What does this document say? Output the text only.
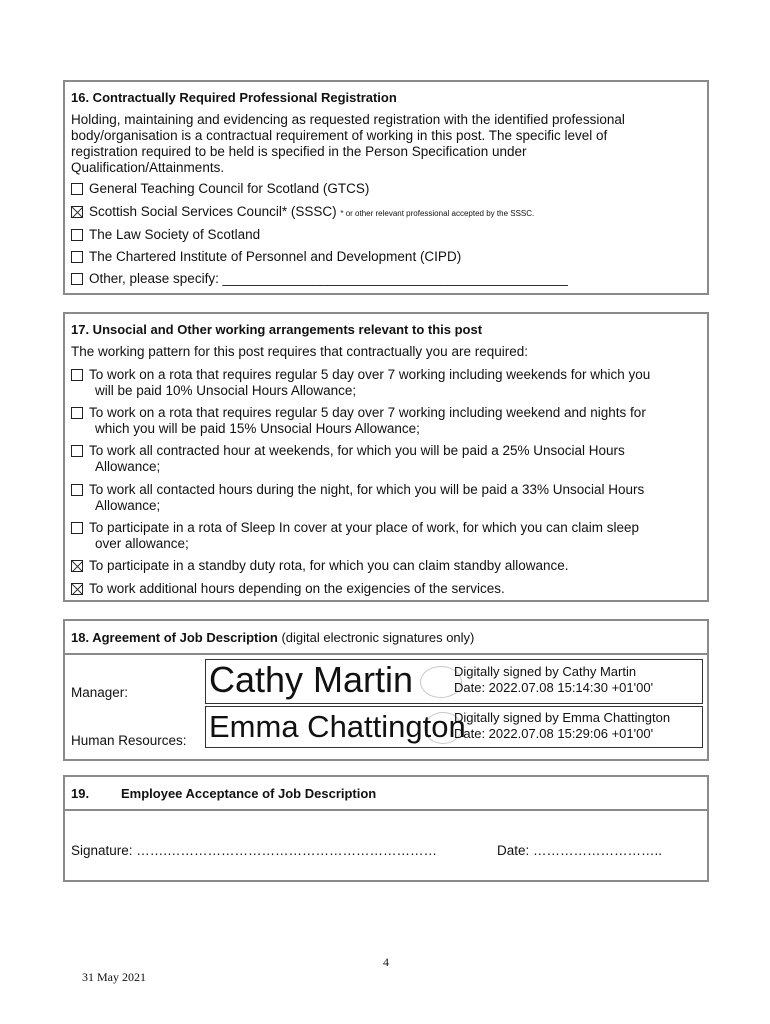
16. Contractually Required Professional Registration
Holding, maintaining and evidencing as requested registration with the identified professional body/organisation is a contractual requirement of working in this post. The specific level of registration required to be held is specified in the Person Specification under Qualification/Attainments.
General Teaching Council for Scotland (GTCS)
Scottish Social Services Council* (SSSC) * or other relevant professional accepted by the SSSC.
The Law Society of Scotland
The Chartered Institute of Personnel and Development (CIPD)
Other, please specify: ______________________________________________
17. Unsocial and Other working arrangements relevant to this post
The working pattern for this post requires that contractually you are required:
To work on a rota that requires regular 5 day over 7 working including weekends for which you
will be paid 10% Unsocial Hours Allowance;
To work on a rota that requires regular 5 day over 7 working including weekend and nights for
which you will be paid 15% Unsocial Hours Allowance;
To work all contracted hour at weekends, for which you will be paid a 25% Unsocial Hours
Allowance;
To work all contacted hours during the night, for which you will be paid a 33% Unsocial Hours
Allowance;
To participate in a rota of Sleep In cover at your place of work, for which you can claim sleep
over allowance;
To participate in a standby duty rota, for which you can claim standby allowance.
To work additional hours depending on the exigencies of the services.
18. Agreement of Job Description (digital electronic signatures only)
Manager:
Human Resources:
Cathy Martin	Digitally signed by Cathy Martin
Date: 2022.07.08 15:14:30 +01'00'
Emma Chattington
Digitally signed by Emma Chattington
Date: 2022.07.08 15:29:06 +01'00'
19. Employee Acceptance of Job Description
Signature: …….……………………………………………………	Date: ………………………..
4
31 May 2021
